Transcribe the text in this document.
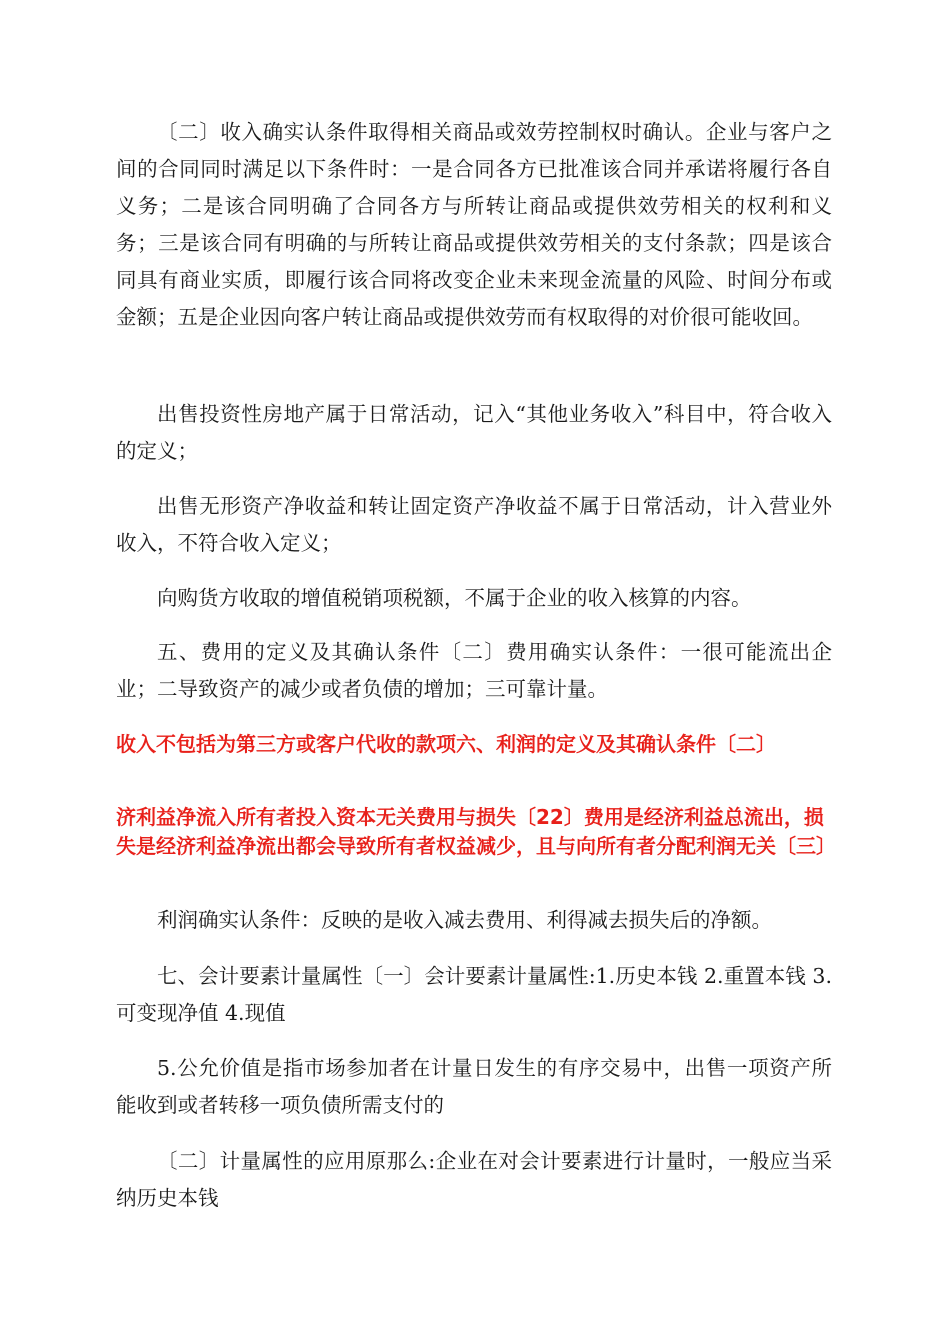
〔二〕收入确实认条件取得相关商品或效劳控制权时确认。企业与客户之间的合同同时满足以下条件时：一是合同各方已批准该合同并承诺将履行各自义务；二是该合同明确了合同各方与所转让商品或提供效劳相关的权利和义务；三是该合同有明确的与所转让商品或提供效劳相关的支付条款；四是该合同具有商业实质，即履行该合同将改变企业未来现金流量的风险、时间分布或金额；五是企业因向客户转让商品或提供效劳而有权取得的对价很可能收回。

出售投资性房地产属于日常活动，记入“其他业务收入”科目中，符合收入的定义；

出售无形资产净收益和转让固定资产净收益不属于日常活动，计入营业外收入，不符合收入定义；

向购货方收取的增值税销项税额，不属于企业的收入核算的内容。

五、费用的定义及其确认条件〔二〕费用确实认条件：一很可能流出企业；二导致资产的减少或者负债的增加；三可靠计量。

收入不包括为第三方或客户代收的款项六、利润的定义及其确认条件〔二〕

济利益净流入所有者投入资本无关费用与损失〔22〕费用是经济利益总流出，损失是经济利益净流出都会导致所有者权益减少，且与向所有者分配利润无关〔三〕

利润确实认条件：反映的是收入减去费用、利得减去损失后的净额。

七、会计要素计量属性〔一〕会计要素计量属性:1.历史本钱 2.重置本钱 3.可变现净值 4.现值

5.公允价值是指市场参加者在计量日发生的有序交易中，出售一项资产所能收到或者转移一项负债所需支付的

〔二〕计量属性的应用原那么:企业在对会计要素进行计量时，一般应当采纳历史本钱
